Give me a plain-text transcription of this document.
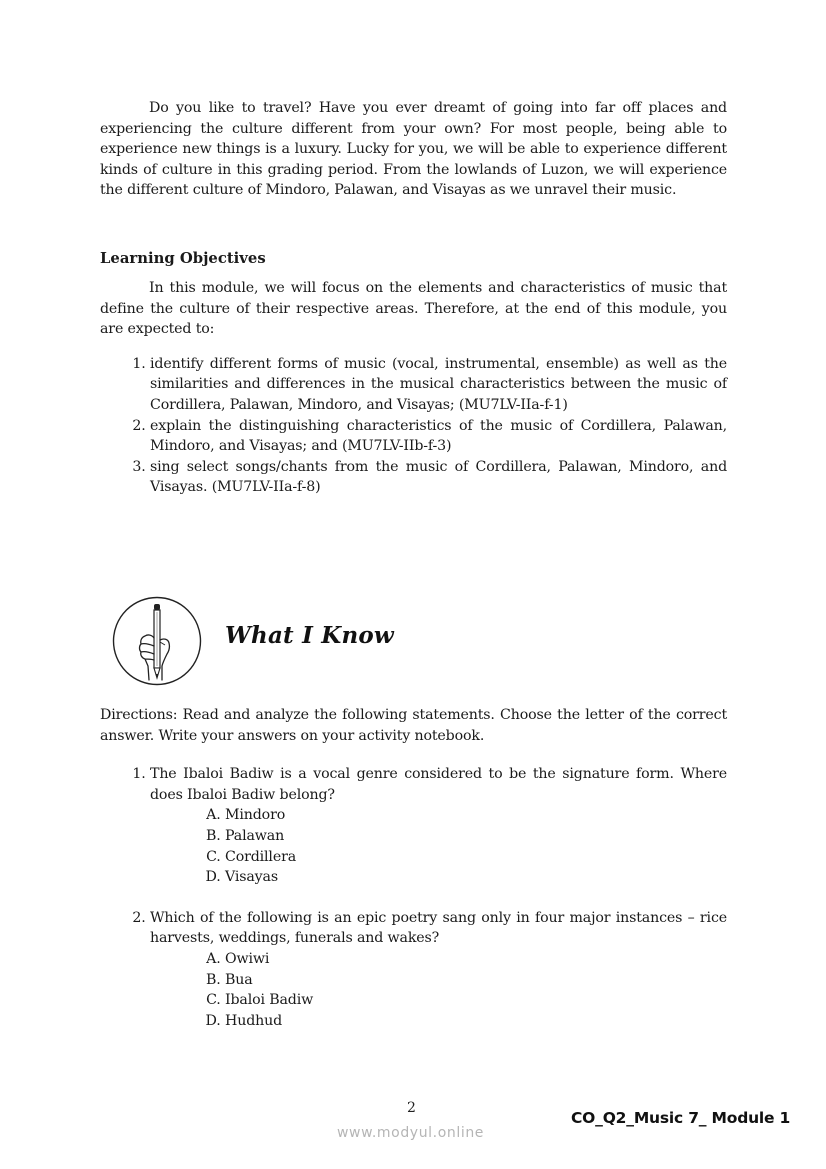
Do you like to travel? Have you ever dreamt of going into far off places and experiencing the culture different from your own? For most people, being able to experience new things is a luxury. Lucky for you, we will be able to experience different kinds of culture in this grading period. From the lowlands of Luzon, we will experience the different culture of Mindoro, Palawan, and Visayas as we unravel their music.

Learning Objectives

In this module, we will focus on the elements and characteristics of music that define the culture of their respective areas. Therefore, at the end of this module, you are expected to:

1. identify different forms of music (vocal, instrumental, ensemble) as well as the similarities and differences in the musical characteristics between the music of Cordillera, Palawan, Mindoro, and Visayas; (MU7LV-IIa-f-1)
2. explain the distinguishing characteristics of the music of Cordillera, Palawan, Mindoro, and Visayas; and (MU7LV-IIb-f-3)
3. sing select songs/chants from the music of Cordillera, Palawan, Mindoro, and Visayas. (MU7LV-IIa-f-8)
What I Know

Directions: Read and analyze the following statements. Choose the letter of the correct answer. Write your answers on your activity notebook.

1. The Ibaloi Badiw is a vocal genre considered to be the signature form. Where does Ibaloi Badiw belong?

A. Mindoro
B. Palawan
C. Cordillera
D. Visayas

2. Which of the following is an epic poetry sang only in four major instances – rice harvests, weddings, funerals and wakes?

A. Owiwi
B. Bua
C. Ibaloi Badiw
D. Hudhud
2
CO_Q2_Music 7_ Module 1
www.modyul.online
